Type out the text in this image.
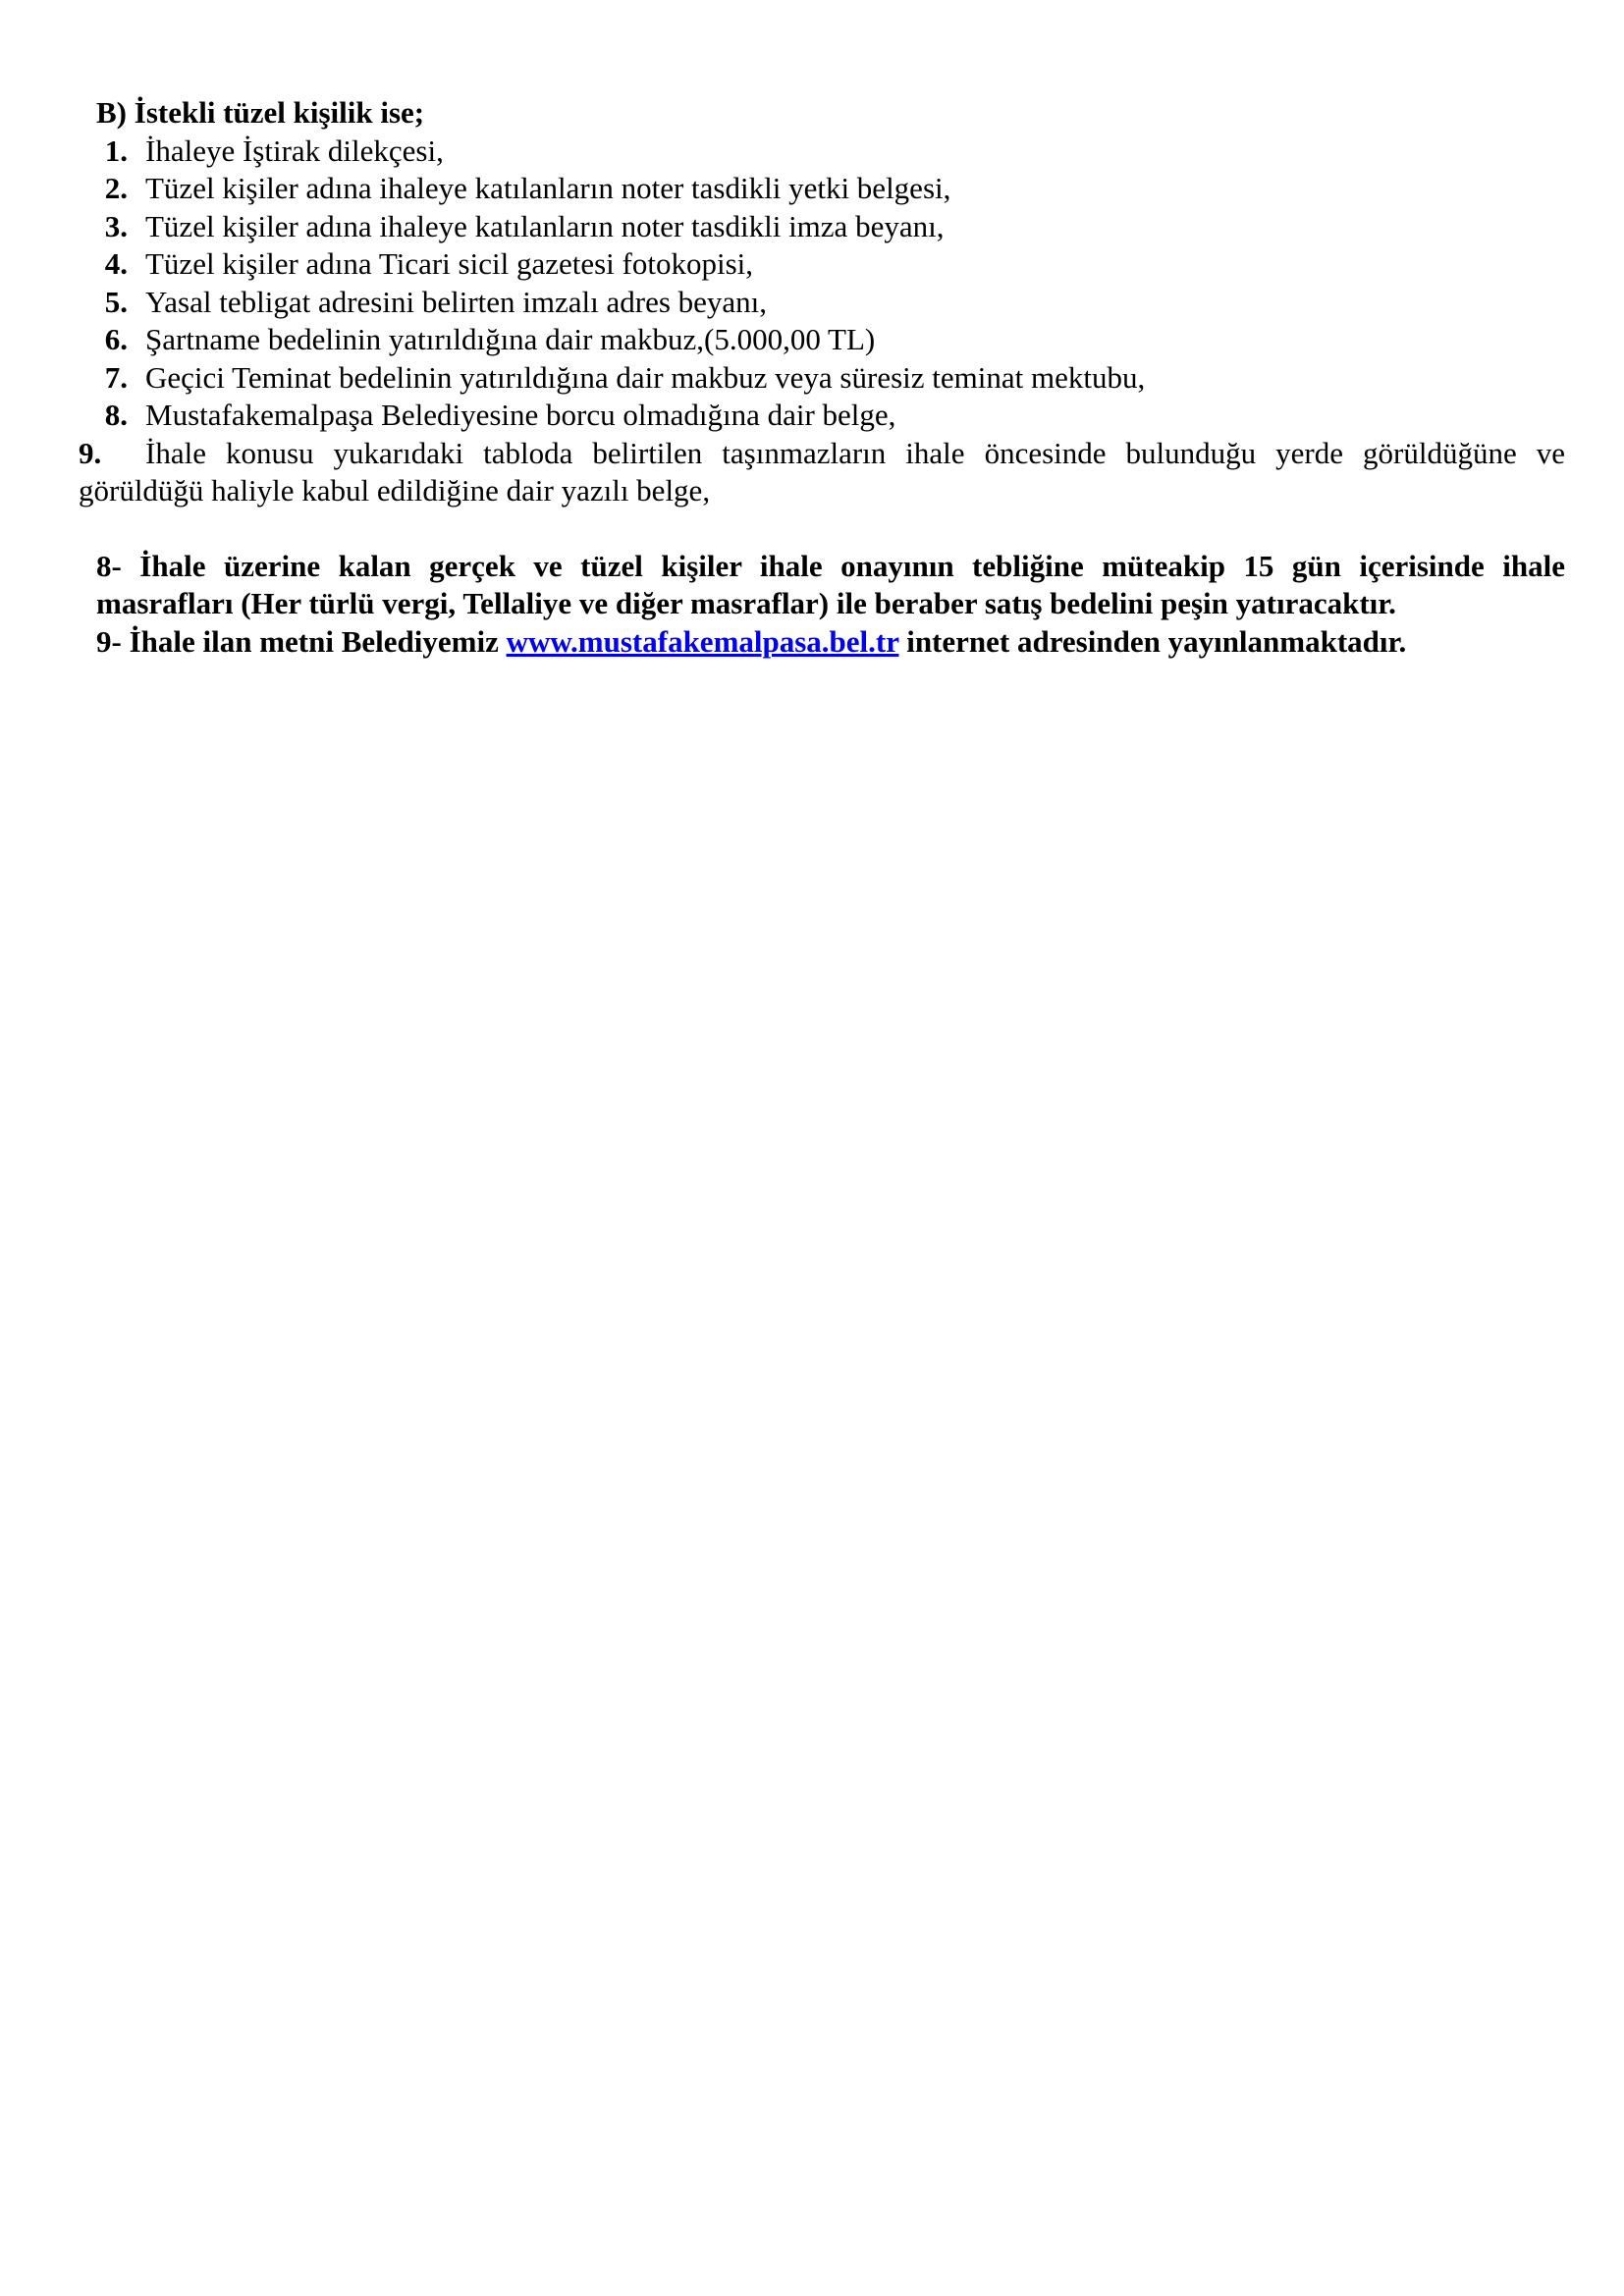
B) İstekli tüzel kişilik ise;
1. İhaleye İştirak dilekçesi,
2. Tüzel kişiler adına ihaleye katılanların noter tasdikli yetki belgesi,
3. Tüzel kişiler adına ihaleye katılanların noter tasdikli imza beyanı,
4. Tüzel kişiler adına Ticari sicil gazetesi fotokopisi,
5. Yasal tebligat adresini belirten imzalı adres beyanı,
6. Şartname bedelinin yatırıldığına dair makbuz,(5.000,00 TL)
7. Geçici Teminat bedelinin yatırıldığına dair makbuz veya süresiz teminat mektubu,
8. Mustafakemalpaşa Belediyesine borcu olmadığına dair belge,
9.	İhale konusu yukarıdaki tabloda belirtilen taşınmazların ihale öncesinde bulunduğu yerde görüldüğüne ve
görüldüğü haliyle kabul edildiğine dair yazılı belge,
8- İhale üzerine kalan gerçek ve tüzel kişiler ihale onayının tebliğine müteakip 15 gün içerisinde ihale
masrafları (Her türlü vergi, Tellaliye ve diğer masraflar) ile beraber satış bedelini peşin yatıracaktır.
9- İhale ilan metni Belediyemiz www.mustafakemalpasa.bel.tr internet adresinden yayınlanmaktadır.
